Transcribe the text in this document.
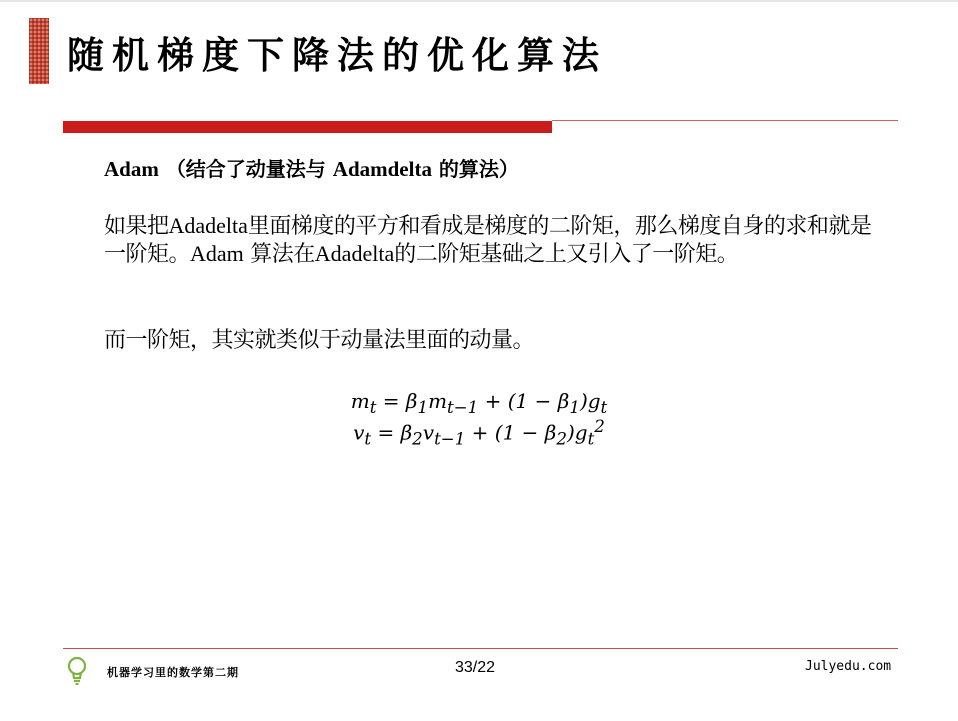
随机梯度下降法的优化算法
Adam （结合了动量法与 Adamdelta 的算法）
如果把Adadelta里面梯度的平方和看成是梯度的二阶矩，那么梯度自身的求和就是一阶矩。Adam 算法在Adadelta的二阶矩基础之上又引入了一阶矩。
而一阶矩，其实就类似于动量法里面的动量。
$m_t = \beta_1m_{t-1} + (1 - \beta_1)g_t$
$v_t = \beta_2v_{t-1} + (1 - \beta_2)g_t^2$
机器学习里的数学第二期	33/22	Julyedu.com
